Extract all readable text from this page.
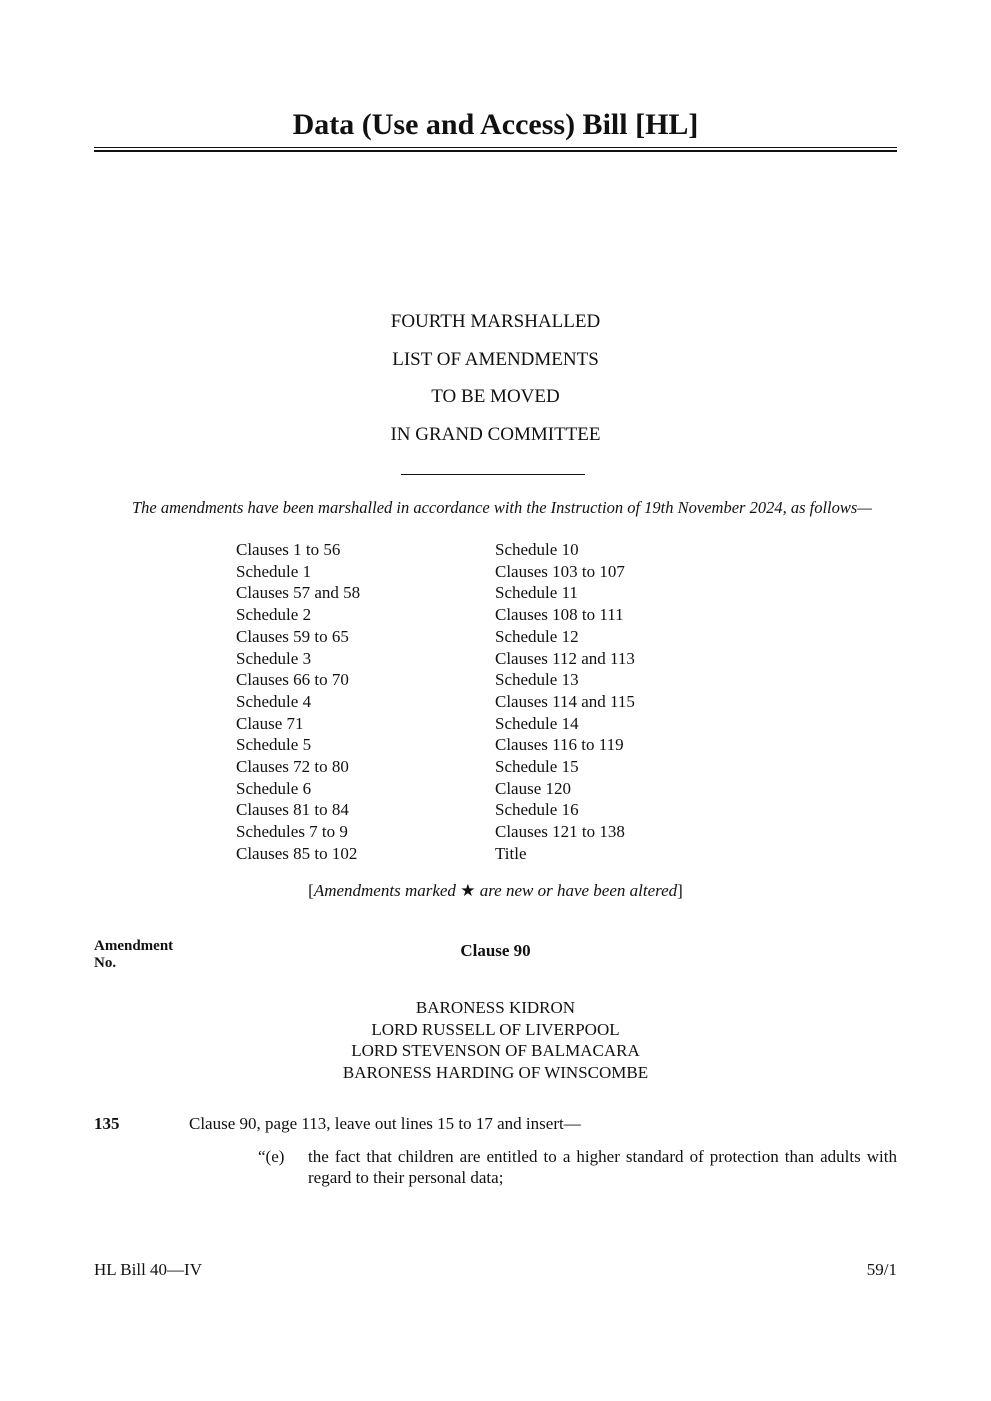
Data (Use and Access) Bill [HL]
FOURTH MARSHALLED
LIST OF AMENDMENTS
TO BE MOVED
IN GRAND COMMITTEE
The amendments have been marshalled in accordance with the Instruction of 19th November 2024, as follows—
Clauses 1 to 56
Schedule 1
Clauses 57 and 58
Schedule 2
Clauses 59 to 65
Schedule 3
Clauses 66 to 70
Schedule 4
Clause 71
Schedule 5
Clauses 72 to 80
Schedule 6
Clauses 81 to 84
Schedules 7 to 9
Clauses 85 to 102
Schedule 10
Clauses 103 to 107
Schedule 11
Clauses 108 to 111
Schedule 12
Clauses 112 and 113
Schedule 13
Clauses 114 and 115
Schedule 14
Clauses 116 to 119
Schedule 15
Clause 120
Schedule 16
Clauses 121 to 138
Title
[Amendments marked ★ are new or have been altered]
Amendment
No.
Clause 90
BARONESS KIDRON
LORD RUSSELL OF LIVERPOOL
LORD STEVENSON OF BALMACARA
BARONESS HARDING OF WINSCOMBE
135	Clause 90, page 113, leave out lines 15 to 17 and insert—
“(e) the fact that children are entitled to a higher standard of protection than adults with regard to their personal data;
HL Bill 40—IV	59/1
